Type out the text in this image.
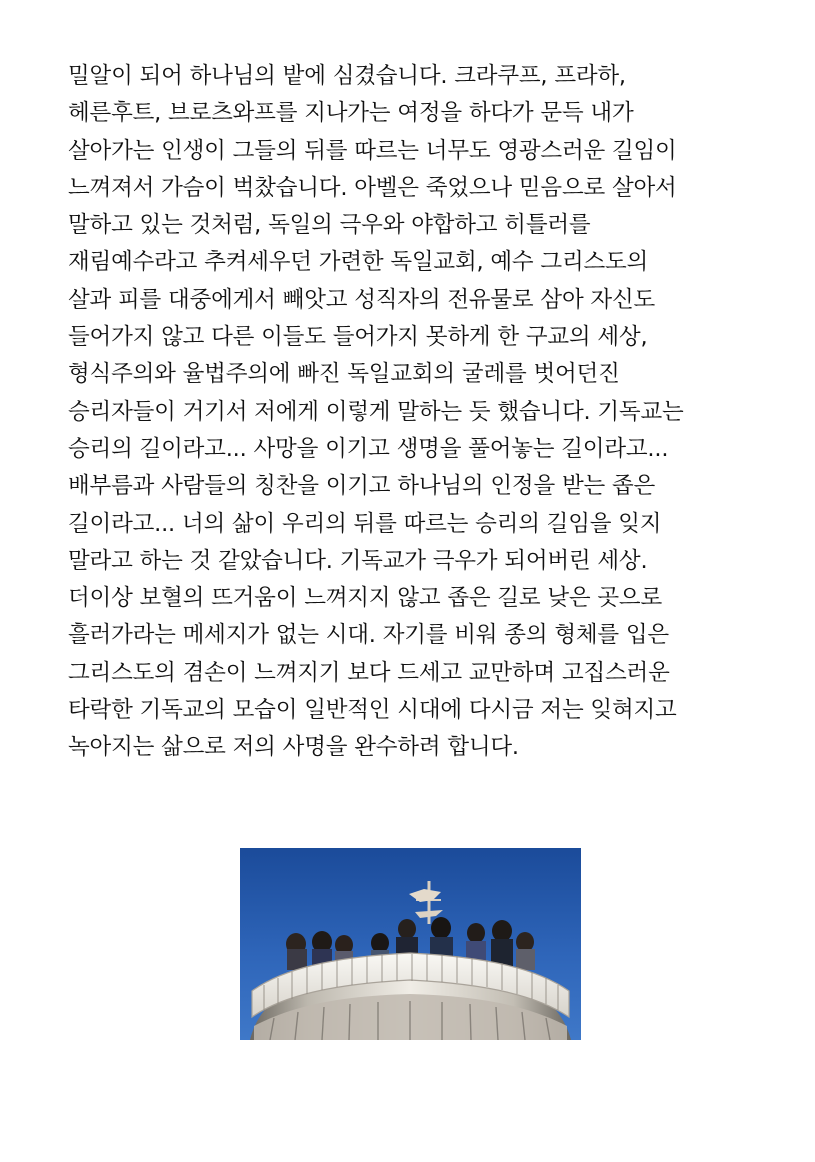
밀알이 되어 하나님의 밭에 심겼습니다. 크라쿠프, 프라하,
헤른후트, 브로츠와프를 지나가는 여정을 하다가 문득 내가
살아가는 인생이 그들의 뒤를 따르는 너무도 영광스러운 길임이
느껴져서 가슴이 벅찼습니다. 아벨은 죽었으나 믿음으로 살아서
말하고 있는 것처럼, 독일의 극우와 야합하고 히틀러를
재림예수라고 추켜세우던 가련한 독일교회, 예수 그리스도의
살과 피를 대중에게서 빼앗고 성직자의 전유물로 삼아 자신도
들어가지 않고 다른 이들도 들어가지 못하게 한 구교의 세상,
형식주의와 율법주의에 빠진 독일교회의 굴레를 벗어던진
승리자들이 거기서 저에게 이렇게 말하는 듯 했습니다. 기독교는
승리의 길이라고... 사망을 이기고 생명을 풀어놓는 길이라고...
배부름과 사람들의 칭찬을 이기고 하나님의 인정을 받는 좁은
길이라고... 너의 삶이 우리의 뒤를 따르는 승리의 길임을 잊지
말라고 하는 것 같았습니다. 기독교가 극우가 되어버린 세상.
더이상 보혈의 뜨거움이 느껴지지 않고 좁은 길로 낮은 곳으로
흘러가라는 메세지가 없는 시대. 자기를 비워 종의 형체를 입은
그리스도의 겸손이 느껴지기 보다 드세고 교만하며 고집스러운
타락한 기독교의 모습이 일반적인 시대에 다시금 저는 잊혀지고
녹아지는 삶으로 저의 사명을 완수하려 합니다.
